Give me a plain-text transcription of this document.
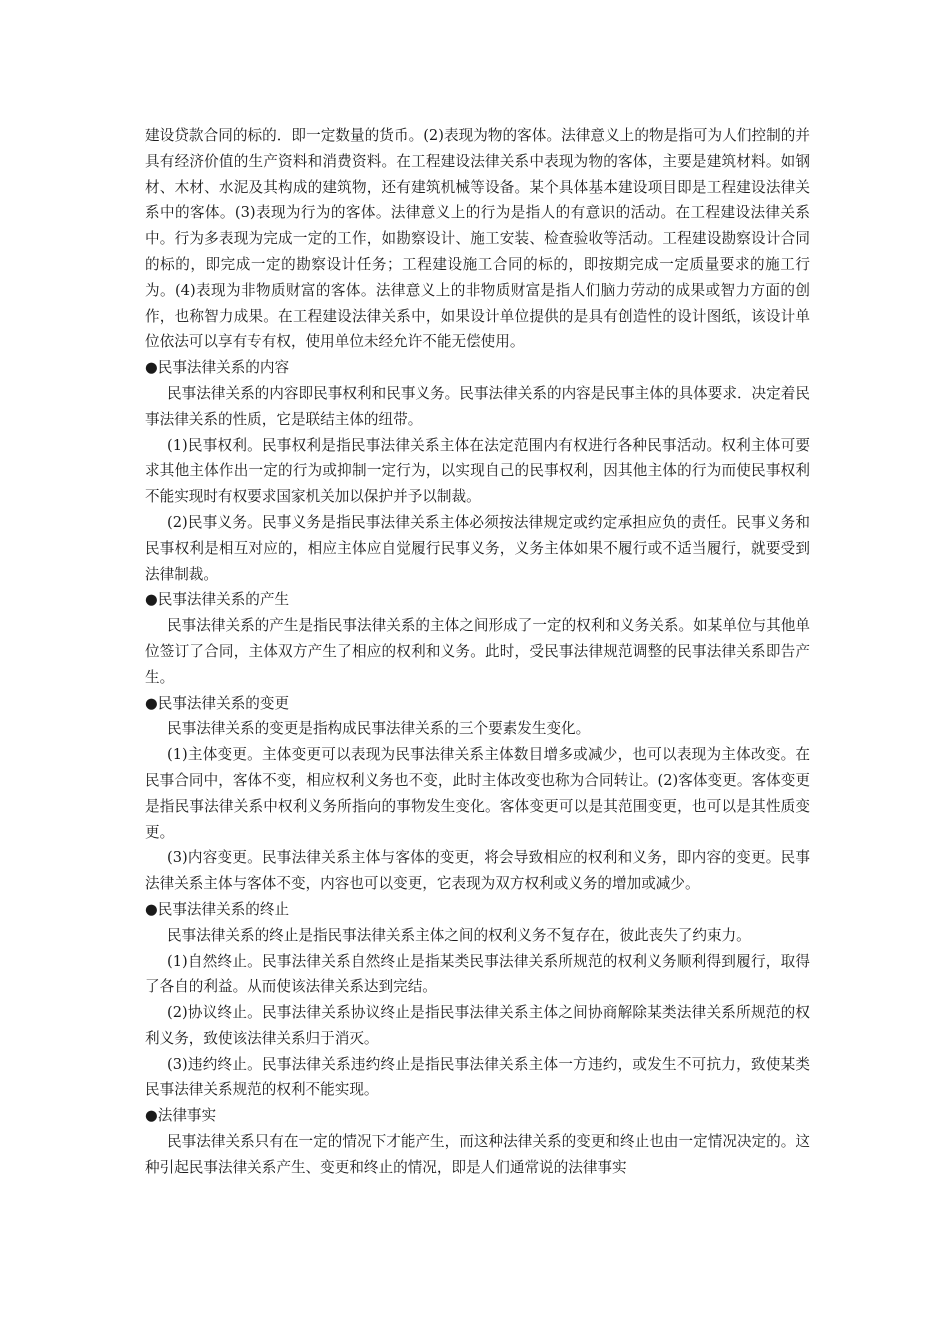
建设贷款合同的标的．即一定数量的货币。(2)表现为物的客体。法律意义上的物是指可为人们控制的并具有经济价值的生产资料和消费资料。在工程建设法律关系中表现为物的客体，主要是建筑材料。如钢材、木材、水泥及其构成的建筑物，还有建筑机械等设备。某个具体基本建设项目即是工程建设法律关系中的客体。(3)表现为行为的客体。法律意义上的行为是指人的有意识的活动。在工程建设法律关系中。行为多表现为完成一定的工作，如勘察设计、施工安装、检查验收等活动。工程建设勘察设计合同的标的，即完成一定的勘察设计任务；工程建设施工合同的标的，即按期完成一定质量要求的施工行为。(4)表现为非物质财富的客体。法律意义上的非物质财富是指人们脑力劳动的成果或智力方面的创作，也称智力成果。在工程建设法律关系中，如果设计单位提供的是具有创造性的设计图纸，该设计单位依法可以享有专有权，使用单位未经允许不能无偿使用。

●民事法律关系的内容

民事法律关系的内容即民事权利和民事义务。民事法律关系的内容是民事主体的具体要求．决定着民事法律关系的性质，它是联结主体的纽带。

(1)民事权利。民事权利是指民事法律关系主体在法定范围内有权进行各种民事活动。权利主体可要求其他主体作出一定的行为或抑制一定行为，以实现自己的民事权利，因其他主体的行为而使民事权利不能实现时有权要求国家机关加以保护并予以制裁。

(2)民事义务。民事义务是指民事法律关系主体必须按法律规定或约定承担应负的责任。民事义务和民事权利是相互对应的，相应主体应自觉履行民事义务，义务主体如果不履行或不适当履行，就要受到法律制裁。

●民事法律关系的产生

民事法律关系的产生是指民事法律关系的主体之间形成了一定的权利和义务关系。如某单位与其他单位签订了合同，主体双方产生了相应的权利和义务。此时，受民事法律规范调整的民事法律关系即告产生。

●民事法律关系的变更

民事法律关系的变更是指构成民事法律关系的三个要素发生变化。

(1)主体变更。主体变更可以表现为民事法律关系主体数目增多或减少，也可以表现为主体改变。在民事合同中，客体不变，相应权利义务也不变，此时主体改变也称为合同转让。(2)客体变更。客体变更是指民事法律关系中权利义务所指向的事物发生变化。客体变更可以是其范围变更，也可以是其性质变更。

(3)内容变更。民事法律关系主体与客体的变更，将会导致相应的权利和义务，即内容的变更。民事法律关系主体与客体不变，内容也可以变更，它表现为双方权利或义务的增加或减少。

●民事法律关系的终止

民事法律关系的终止是指民事法律关系主体之间的权利义务不复存在，彼此丧失了约束力。

(1)自然终止。民事法律关系自然终止是指某类民事法律关系所规范的权利义务顺利得到履行，取得了各自的利益。从而使该法律关系达到完结。

(2)协议终止。民事法律关系协议终止是指民事法律关系主体之间协商解除某类法律关系所规范的权利义务，致使该法律关系归于消灭。

(3)违约终止。民事法律关系违约终止是指民事法律关系主体一方违约，或发生不可抗力，致使某类民事法律关系规范的权利不能实现。

●法律事实

民事法律关系只有在一定的情况下才能产生，而这种法律关系的变更和终止也由一定情况决定的。这种引起民事法律关系产生、变更和终止的情况，即是人们通常说的法律事实
